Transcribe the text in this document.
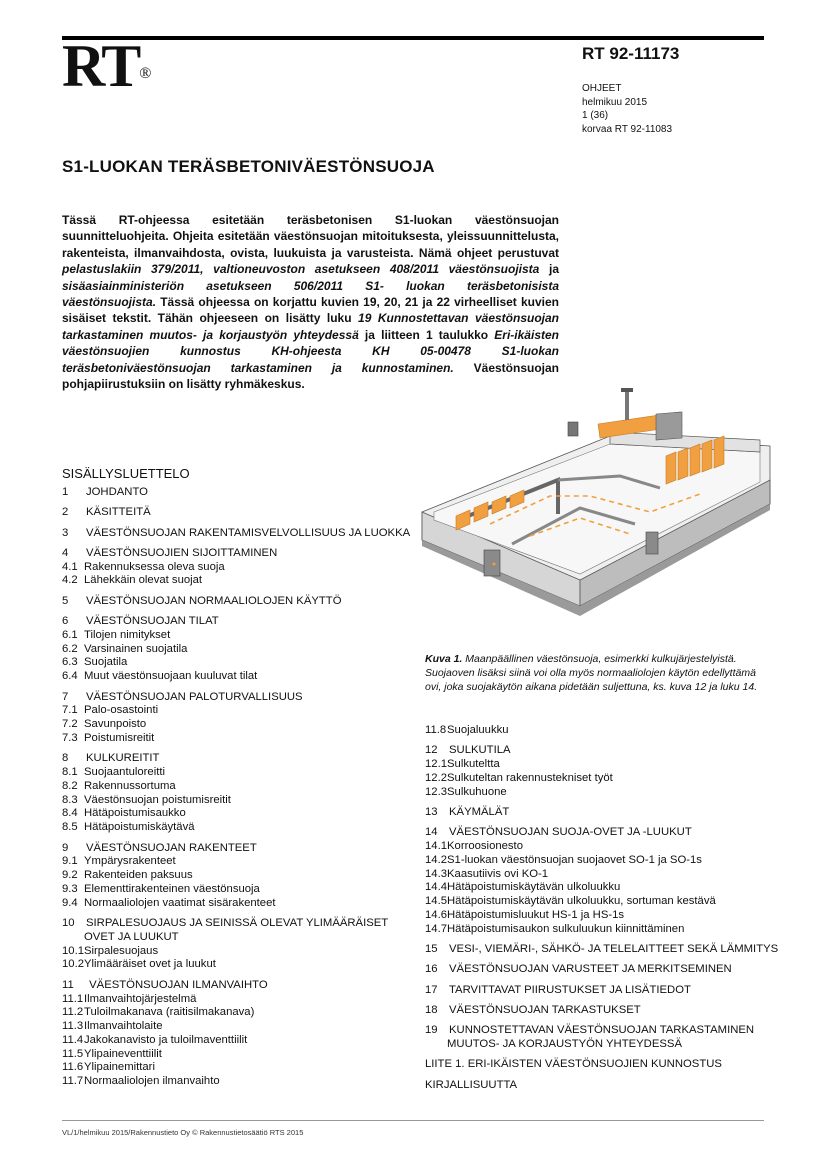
RT®
RT 92-11173
OHJEET
helmikuu 2015
1 (36)
korvaa RT 92-11083
S1-LUOKAN TERÄSBETONIVÄESTÖNSUOJA
Tässä RT-ohjeessa esitetään teräsbetonisen S1-luokan väestönsuojan suunnitteluohjeita. Ohjeita esitetään väestönsuojan mitoituksesta, yleissuunnittelusta, rakenteista, ilmanvaihdosta, ovista, luukuista ja varusteista. Nämä ohjeet perustuvat pelastuslakiin 379/2011, valtioneuvoston asetukseen 408/2011 väestönsuojista ja sisäasiainministeriön asetukseen 506/2011 S1- luokan teräsbetonisista väestönsuojista. Tässä ohjeessa on korjattu kuvien 19, 20, 21 ja 22 virheelliset kuvien sisäiset tekstit. Tähän ohjeeseen on lisätty luku 19 Kunnostettavan väestönsuojan tarkastaminen muutos- ja korjaustyön yhteydessä ja liitteen 1 taulukko Eri-ikäisten väestönsuojien kunnostus KH-ohjeesta KH 05-00478 S1-luokan teräsbetoniväestönsuojan tarkastaminen ja kunnostaminen. Väestönsuojan pohjapiirustuksiin on lisätty ryhmäkeskus.
SISÄLLYSLUETTELO
1 JOHDANTO
2 KÄSITTEITÄ
3 VÄESTÖNSUOJAN RAKENTAMISVELVOLLISUUS JA LUOKKA
4 VÄESTÖNSUOJIEN SIJOITTAMINEN
4.1 Rakennuksessa oleva suoja
4.2 Lähekkäin olevat suojat
5 VÄESTÖNSUOJAN NORMAALIOLOJEN KÄYTTÖ
6 VÄESTÖNSUOJAN TILAT
6.1 Tilojen nimitykset
6.2 Varsinainen suojatila
6.3 Suojatila
6.4 Muut väestönsuojaan kuuluvat tilat
7 VÄESTÖNSUOJAN PALOTURVALLISUUS
7.1 Palo-osastointi
7.2 Savunpoisto
7.3 Poistumisreitit
8 KULKUREITIT
8.1 Suojaantuloreitti
8.2 Rakennussortuma
8.3 Väestönsuojan poistumisreitit
8.4 Hätäpoistumisaukko
8.5 Hätäpoistumiskäytävä
9 VÄESTÖNSUOJAN RAKENTEET
9.1 Ympärysrakenteet
9.2 Rakenteiden paksuus
9.3 Elementtirakenteinen väestönsuoja
9.4 Normaaliolojen vaatimat sisärakenteet
10 SIRPALESUOJAUS JA SEINISSÄ OLEVAT YLIMÄÄRÄISET
OVET JA LUUKUT
10.1Sirpalesuojaus
10.2Ylimääräiset ovet ja luukut
11 VÄESTÖNSUOJAN ILMANVAIHTO
11.1Ilmanvaihtojärjestelmä
11.2Tuloilmakanava (raitisilmakanava)
11.3Ilmanvaihtolaite
11.4Jakokanavisto ja tuloilmaventtiilit
11.5Ylipaineventtiilit
11.6Ylipainemittari
11.7Normaaliolojen ilmanvaihto
11.8Suojaluukku
12 SULKUTILA
12.1Sulkuteltta
12.2Sulkuteltan rakennustekniset työt
12.3Sulkuhuone
13 KÄYMÄLÄT
14 VÄESTÖNSUOJAN SUOJA-OVET JA -LUUKUT
14.1Korroosionesto
14.2S1-luokan väestönsuojan suojaovet SO-1 ja SO-1s
14.3Kaasutiivis ovi KO-1
14.4Hätäpoistumiskäytävän ulkoluukku
14.5Hätäpoistumiskäytävän ulkoluukku, sortuman kestävä
14.6Hätäpoistumisluukut HS-1 ja HS-1s
14.7Hätäpoistumisaukon sulkuluukun kiinnittäminen
15 VESI-, VIEMÄRI-, SÄHKÖ- JA TELELAITTEET SEKÄ LÄMMITYS
16 VÄESTÖNSUOJAN VARUSTEET JA MERKITSEMINEN
17 TARVITTAVAT PIIRUSTUKSET JA LISÄTIEDOT
18 VÄESTÖNSUOJAN TARKASTUKSET
19 KUNNOSTETTAVAN VÄESTÖNSUOJAN TARKASTAMINEN
MUUTOS- JA KORJAUSTYÖN YHTEYDESSÄ
LIITE 1. ERI-IKÄISTEN VÄESTÖNSUOJIEN KUNNOSTUS
KIRJALLISUUTTA
Kuva 1. Maanpäällinen väestönsuoja, esimerkki kulkujärjestelyistä. Suojaoven lisäksi siinä voi olla myös normaaliolojen käytön edellyttämä ovi, joka suojakäytön aikana pidetään suljettuna, ks. kuva 12 ja luku 14.
VL/1/helmikuu 2015/Rakennustieto Oy © Rakennustietosäätiö RTS 2015
